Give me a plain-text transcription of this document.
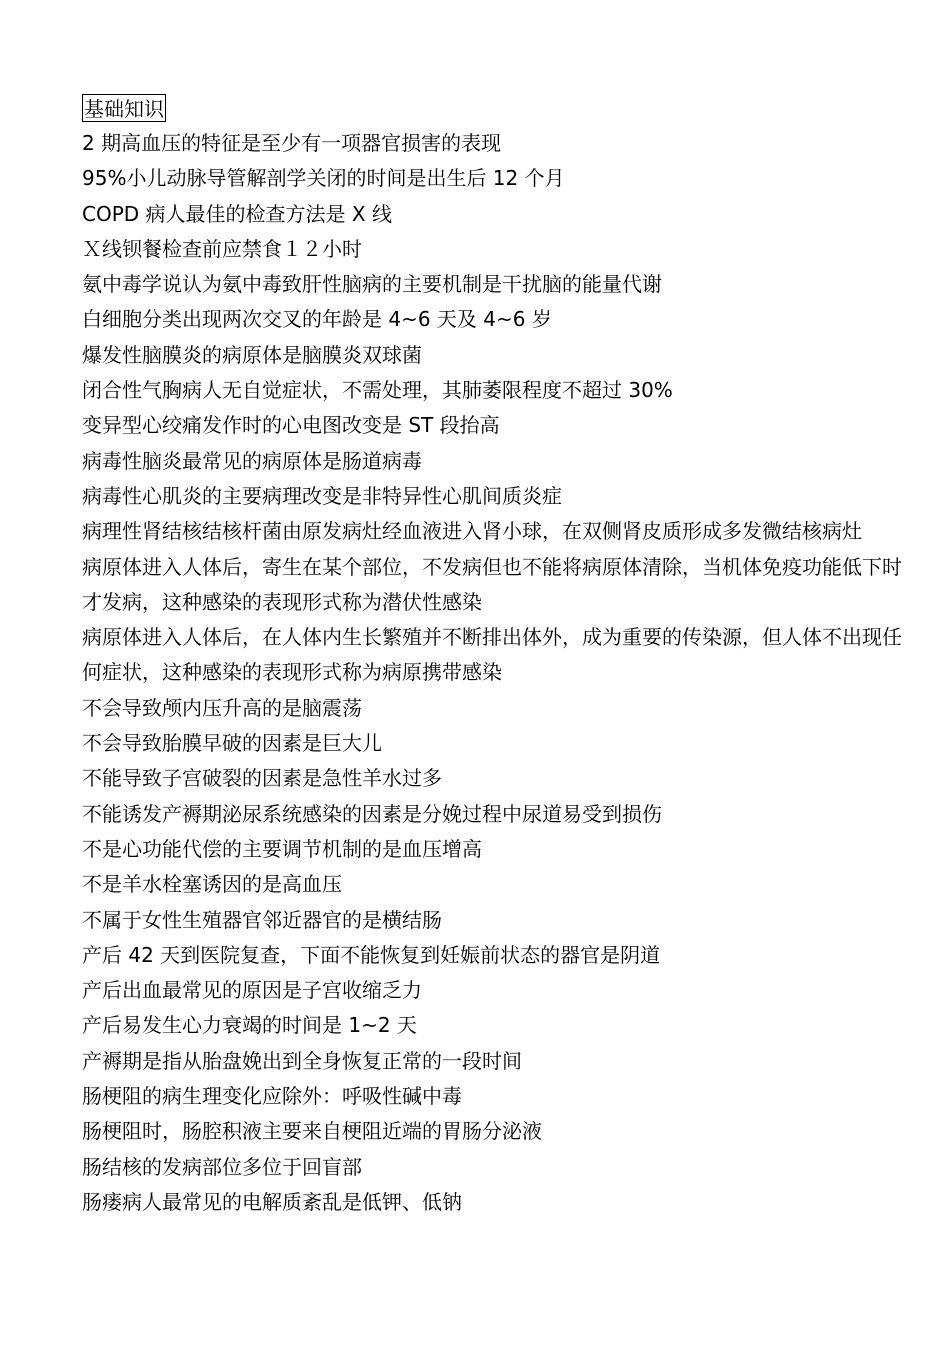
基础知识
2 期高血压的特征是至少有一项器官损害的表现
95%小儿动脉导管解剖学关闭的时间是出生后 12 个月
COPD 病人最佳的检查方法是 X 线
Ｘ线钡餐检查前应禁食１２小时
氨中毒学说认为氨中毒致肝性脑病的主要机制是干扰脑的能量代谢
白细胞分类出现两次交叉的年龄是 4~6 天及 4~6 岁
爆发性脑膜炎的病原体是脑膜炎双球菌
闭合性气胸病人无自觉症状，不需处理，其肺萎限程度不超过 30%
变异型心绞痛发作时的心电图改变是 ST 段抬高
病毒性脑炎最常见的病原体是肠道病毒
病毒性心肌炎的主要病理改变是非特异性心肌间质炎症
病理性肾结核结核杆菌由原发病灶经血液进入肾小球，在双侧肾皮质形成多发微结核病灶
病原体进入人体后，寄生在某个部位，不发病但也不能将病原体清除，当机体免疫功能低下时才发病，这种感染的表现形式称为潜伏性感染
病原体进入人体后，在人体内生长繁殖并不断排出体外，成为重要的传染源，但人体不出现任何症状，这种感染的表现形式称为病原携带感染
不会导致颅内压升高的是脑震荡
不会导致胎膜早破的因素是巨大儿
不能导致子宫破裂的因素是急性羊水过多
不能诱发产褥期泌尿系统感染的因素是分娩过程中尿道易受到损伤
不是心功能代偿的主要调节机制的是血压增高
不是羊水栓塞诱因的是高血压
不属于女性生殖器官邻近器官的是横结肠
产后 42 天到医院复查，下面不能恢复到妊娠前状态的器官是阴道
产后出血最常见的原因是子宫收缩乏力
产后易发生心力衰竭的时间是 1~2 天
产褥期是指从胎盘娩出到全身恢复正常的一段时间
肠梗阻的病生理变化应除外：呼吸性碱中毒
肠梗阻时，肠腔积液主要来自梗阻近端的胃肠分泌液
肠结核的发病部位多位于回盲部
肠瘘病人最常见的电解质紊乱是低钾、低钠
